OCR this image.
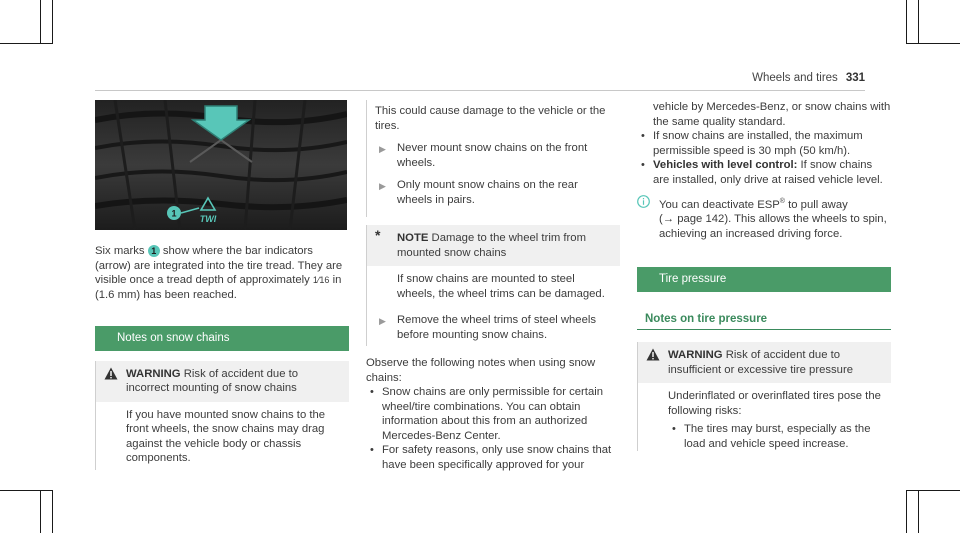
Wheels and tires 331
1
TWI

Six marks 1 show where the bar indicators (arrow) are integrated into the tire tread. They are visible once a tread depth of approximately 1⁄16 in (1.6 mm) has been reached.

Notes on snow chains
WARNING Risk of accident due to incorrect mounting of snow chains
If you have mounted snow chains to the front wheels, the snow chains may drag against the vehicle body or chassis components.

This could cause damage to the vehicle or the tires.

▶ Never mount snow chains on the front wheels.
▶ Only mount snow chains on the rear wheels in pairs.
* NOTE Damage to the wheel trim from mounted snow chains
If snow chains are mounted to steel wheels, the wheel trims can be damaged.
▶ Remove the wheel trims of steel wheels before mounting snow chains.

Observe the following notes when using snow chains:

• Snow chains are only permissible for certain wheel/tire combinations. You can obtain information about this from an authorized Mercedes-Benz Center.
• For safety reasons, only use snow chains that have been specifically approved for your

vehicle by Mercedes-Benz, or snow chains with the same quality standard.

• If snow chains are installed, the maximum permissible speed is 30 mph (50 km/h).
• Vehicles with level control: If snow chains are installed, only drive at raised vehicle level.
You can deactivate ESP® to pull away
(→ page 142). This allows the wheels to spin, achieving an increased driving force.
Tire pressure
Notes on tire pressure
WARNING Risk of accident due to insufficient or excessive tire pressure
Underinflated or overinflated tires pose the following risks:
• The tires may burst, especially as the load and vehicle speed increase.
